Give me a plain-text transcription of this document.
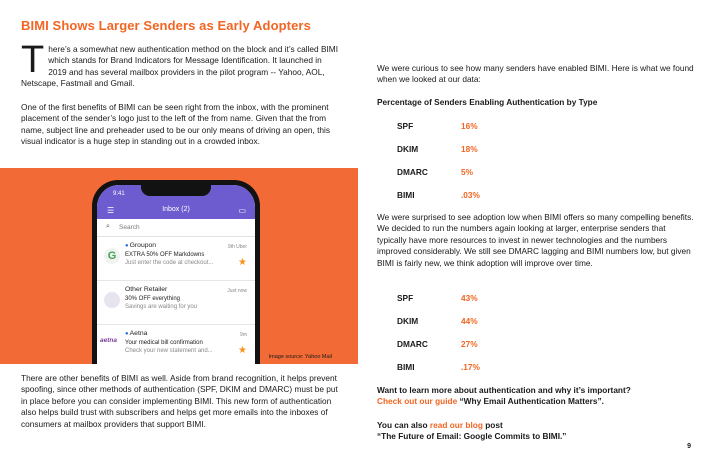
BIMI Shows Larger Senders as Early Adopters
There’s a somewhat new authentication method on the block and it’s called BIMI which stands for Brand Indicators for Message Identification. It launched in 2019 and has several mailbox providers in the pilot program -- Yahoo, AOL, Netscape, Fastmail and Gmail.
One of the first benefits of BIMI can be seen right from the inbox, with the prominent placement of the sender’s logo just to the left of the from name. Given that the from name, subject line and preheader used to be our only means of driving an open, this visual indicator is a huge step in standing out in a crowded inbox.
9:41
☰	Inbox (2)	▭
⌕ Search
G
●Groupon
EXTRA 50% OFF Markdowns
Just enter the code at checkout...
9th Uber
★
Other Retailer
30% OFF everything
Savings are waiting for you
Just now
aetna
●Aetna
Your medical bill confirmation
Check your new statement and...
9m
★
Image source: Yahoo Mail
There are other benefits of BIMI as well. Aside from brand recognition, it helps prevent spoofing, since other methods of authentication (SPF, DKIM and DMARC) must be put in place before you can consider implementing BIMI. This new form of authentication also helps build trust with subscribers and helps get more emails into the inboxes of consumers at mailbox providers that support BIMI.
We were curious to see how many senders have enabled BIMI. Here is what we found when we looked at our data:
Percentage of Senders Enabling Authentication by Type
SPF	16%
DKIM	18%
DMARC	5%
BIMI	.03%
We were surprised to see adoption low when BIMI offers so many compelling benefits. We decided to run the numbers again looking at larger, enterprise senders that typically have more resources to invest in newer technologies and the numbers improved considerably. We still see DMARC lagging and BIMI numbers low, but given BIMI is fairly new, we think adoption will improve over time.
SPF	43%
DKIM	44%
DMARC	27%
BIMI	.17%
Want to learn more about authentication and why it’s important?
Check out our guide “Why Email Authentication Matters”.
You can also read our blog post
“The Future of Email: Google Commits to BIMI.”
9
